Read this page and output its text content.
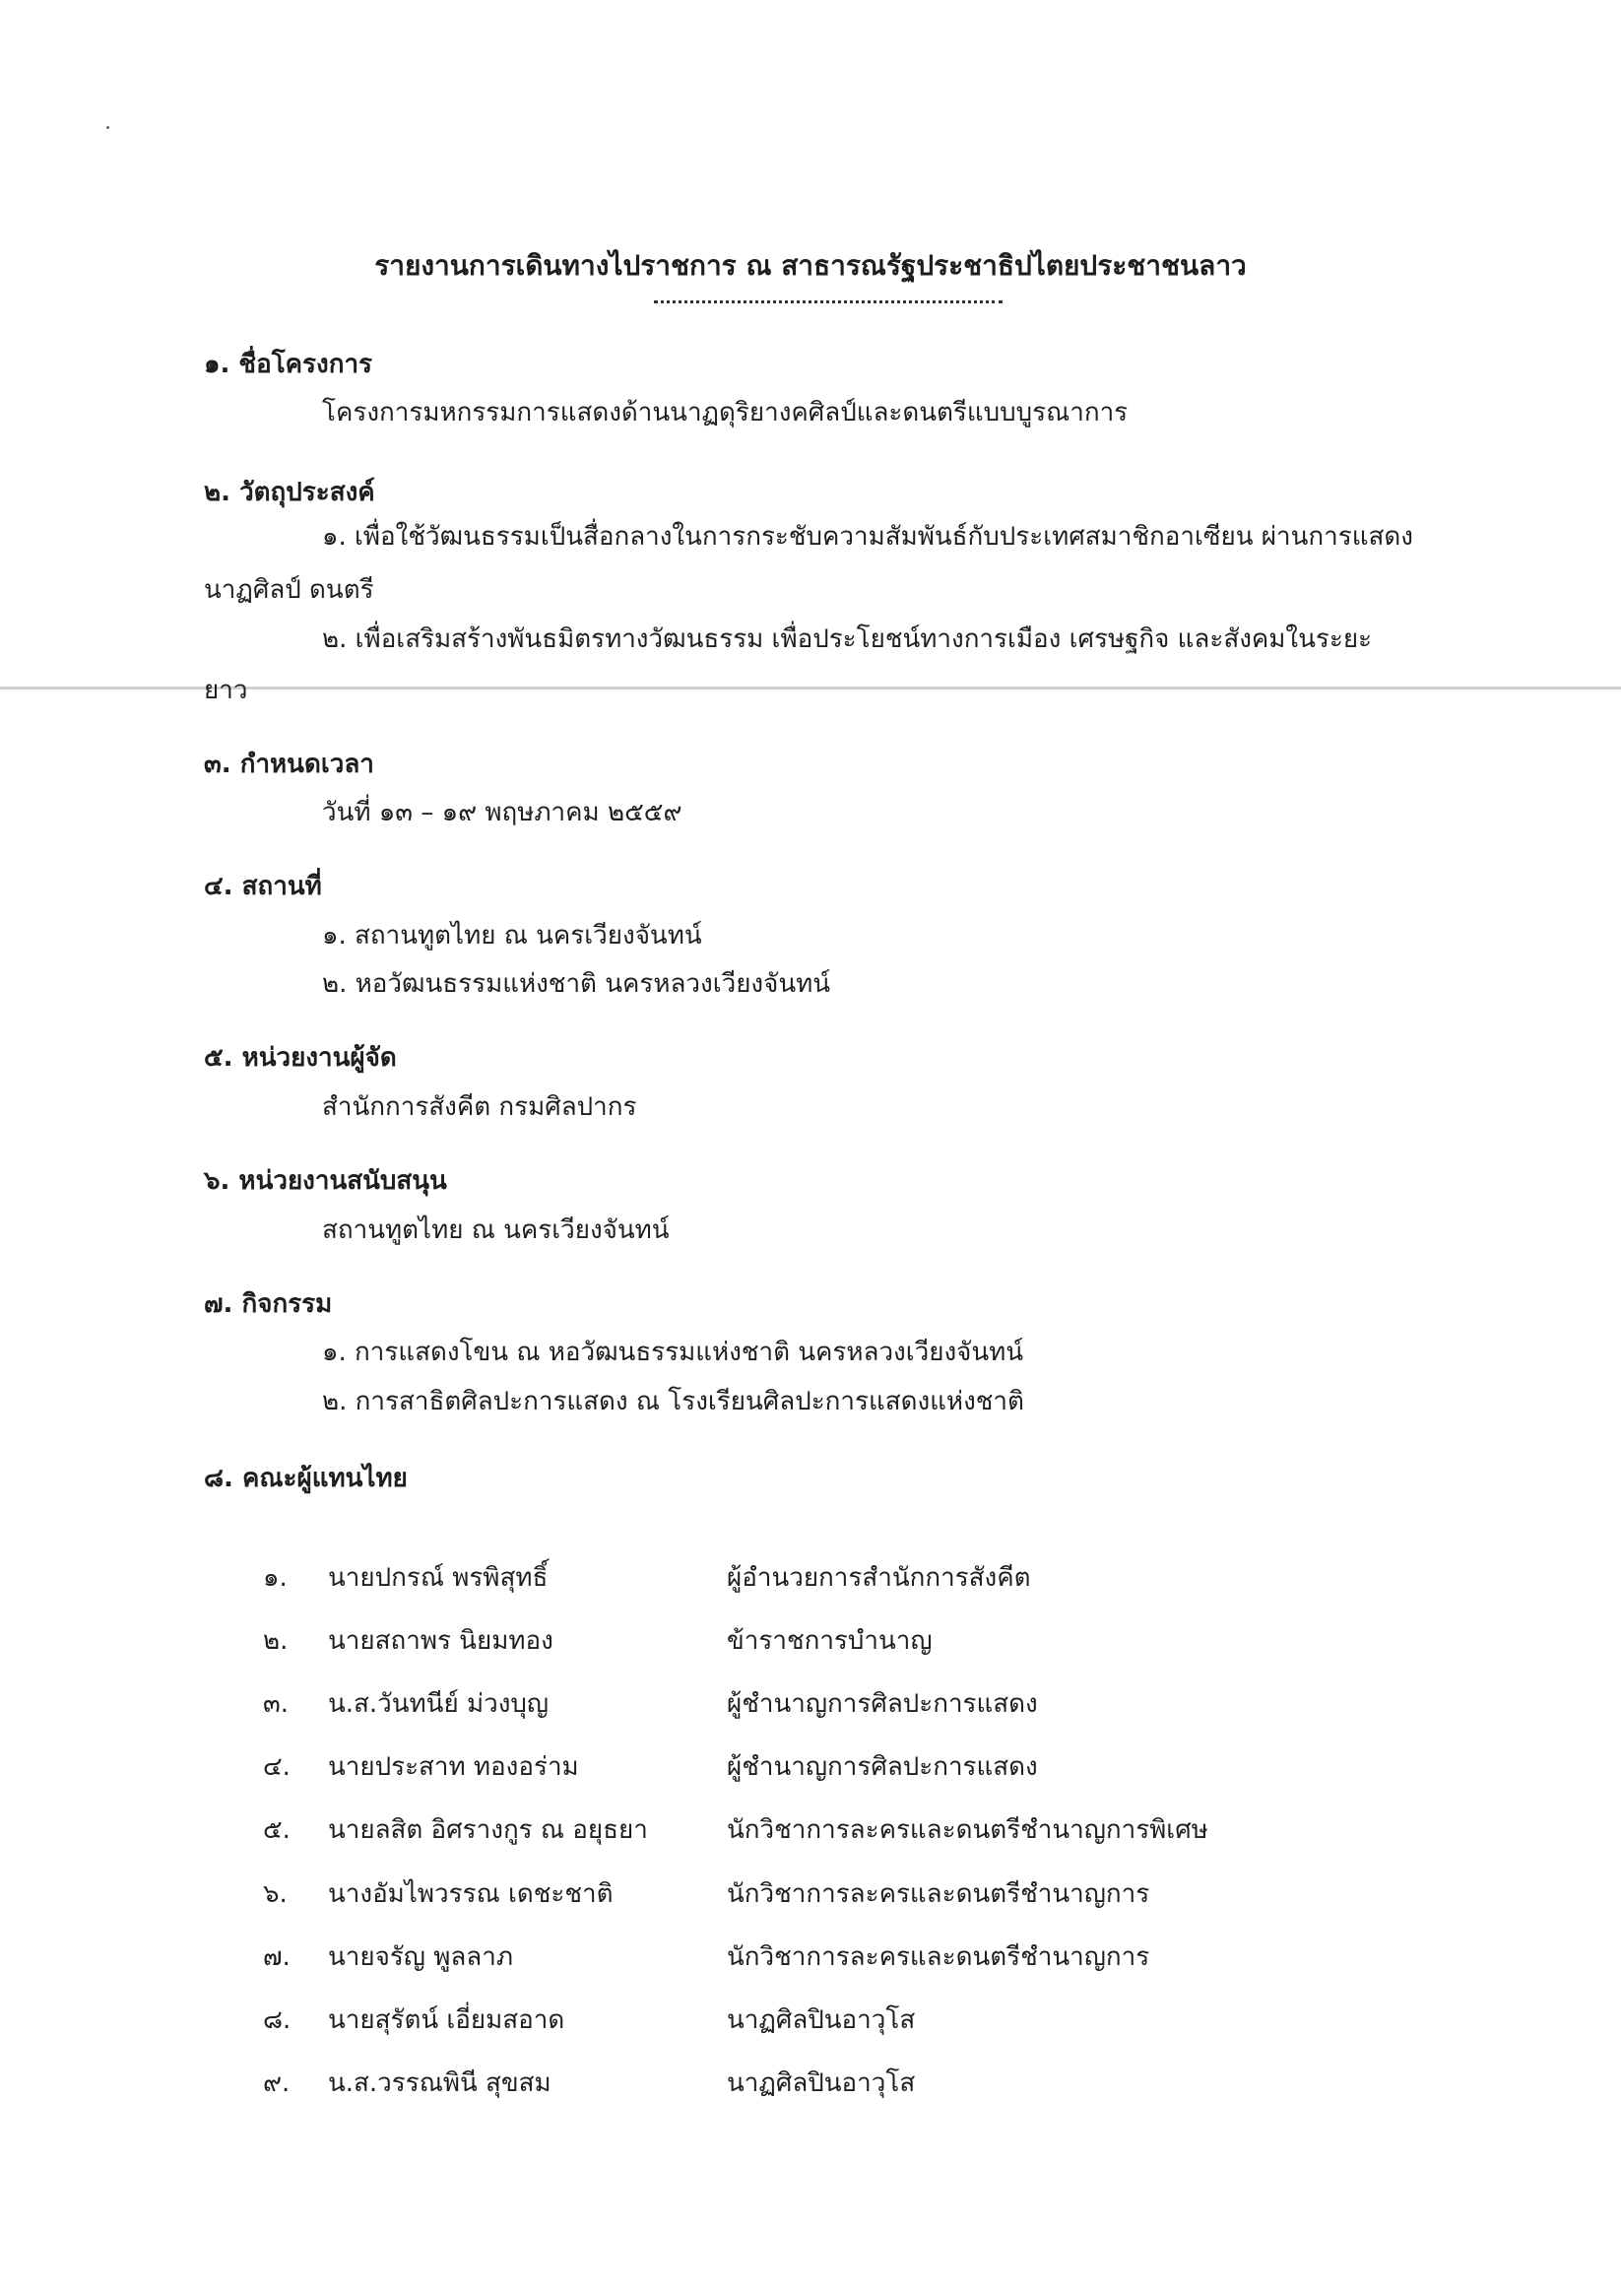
รายงานการเดินทางไปราชการ ณ สาธารณรัฐประชาธิปไตยประชาชนลาว
๑. ชื่อโครงการ
โครงการมหกรรมการแสดงด้านนาฏดุริยางคศิลป์และดนตรีแบบบูรณาการ
๒. วัตถุประสงค์
๑. เพื่อใช้วัฒนธรรมเป็นสื่อกลางในการกระชับความสัมพันธ์กับประเทศสมาชิกอาเซียน ผ่านการแสดง
นาฏศิลป์ ดนตรี
๒. เพื่อเสริมสร้างพันธมิตรทางวัฒนธรรม เพื่อประโยชน์ทางการเมือง เศรษฐกิจ และสังคมในระยะ
ยาว
๓. กำหนดเวลา
วันที่ ๑๓ – ๑๙ พฤษภาคม ๒๕๕๙
๔. สถานที่
๑. สถานทูตไทย ณ นครเวียงจันทน์
๒. หอวัฒนธรรมแห่งชาติ นครหลวงเวียงจันทน์
๕. หน่วยงานผู้จัด
สำนักการสังคีต กรมศิลปากร
๖. หน่วยงานสนับสนุน
สถานทูตไทย ณ นครเวียงจันทน์
๗. กิจกรรม
๑. การแสดงโขน ณ หอวัฒนธรรมแห่งชาติ นครหลวงเวียงจันทน์
๒. การสาธิตศิลปะการแสดง ณ โรงเรียนศิลปะการแสดงแห่งชาติ
๘. คณะผู้แทนไทย
๑. นายปกรณ์ พรพิสุทธิ์	ผู้อำนวยการสำนักการสังคีต
๒. นายสถาพร นิยมทอง	ข้าราชการบำนาญ
๓. น.ส.วันทนีย์ ม่วงบุญ	ผู้ชำนาญการศิลปะการแสดง
๔. นายประสาท ทองอร่าม	ผู้ชำนาญการศิลปะการแสดง
๕. นายลสิต อิศรางกูร ณ อยุธยา	นักวิชาการละครและดนตรีชำนาญการพิเศษ
๖. นางอัมไพวรรณ เดชะชาติ	นักวิชาการละครและดนตรีชำนาญการ
๗. นายจรัญ พูลลาภ	นักวิชาการละครและดนตรีชำนาญการ
๘. นายสุรัตน์ เอี่ยมสอาด	นาฏศิลปินอาวุโส
๙. น.ส.วรรณพินี สุขสม	นาฏศิลปินอาวุโส
